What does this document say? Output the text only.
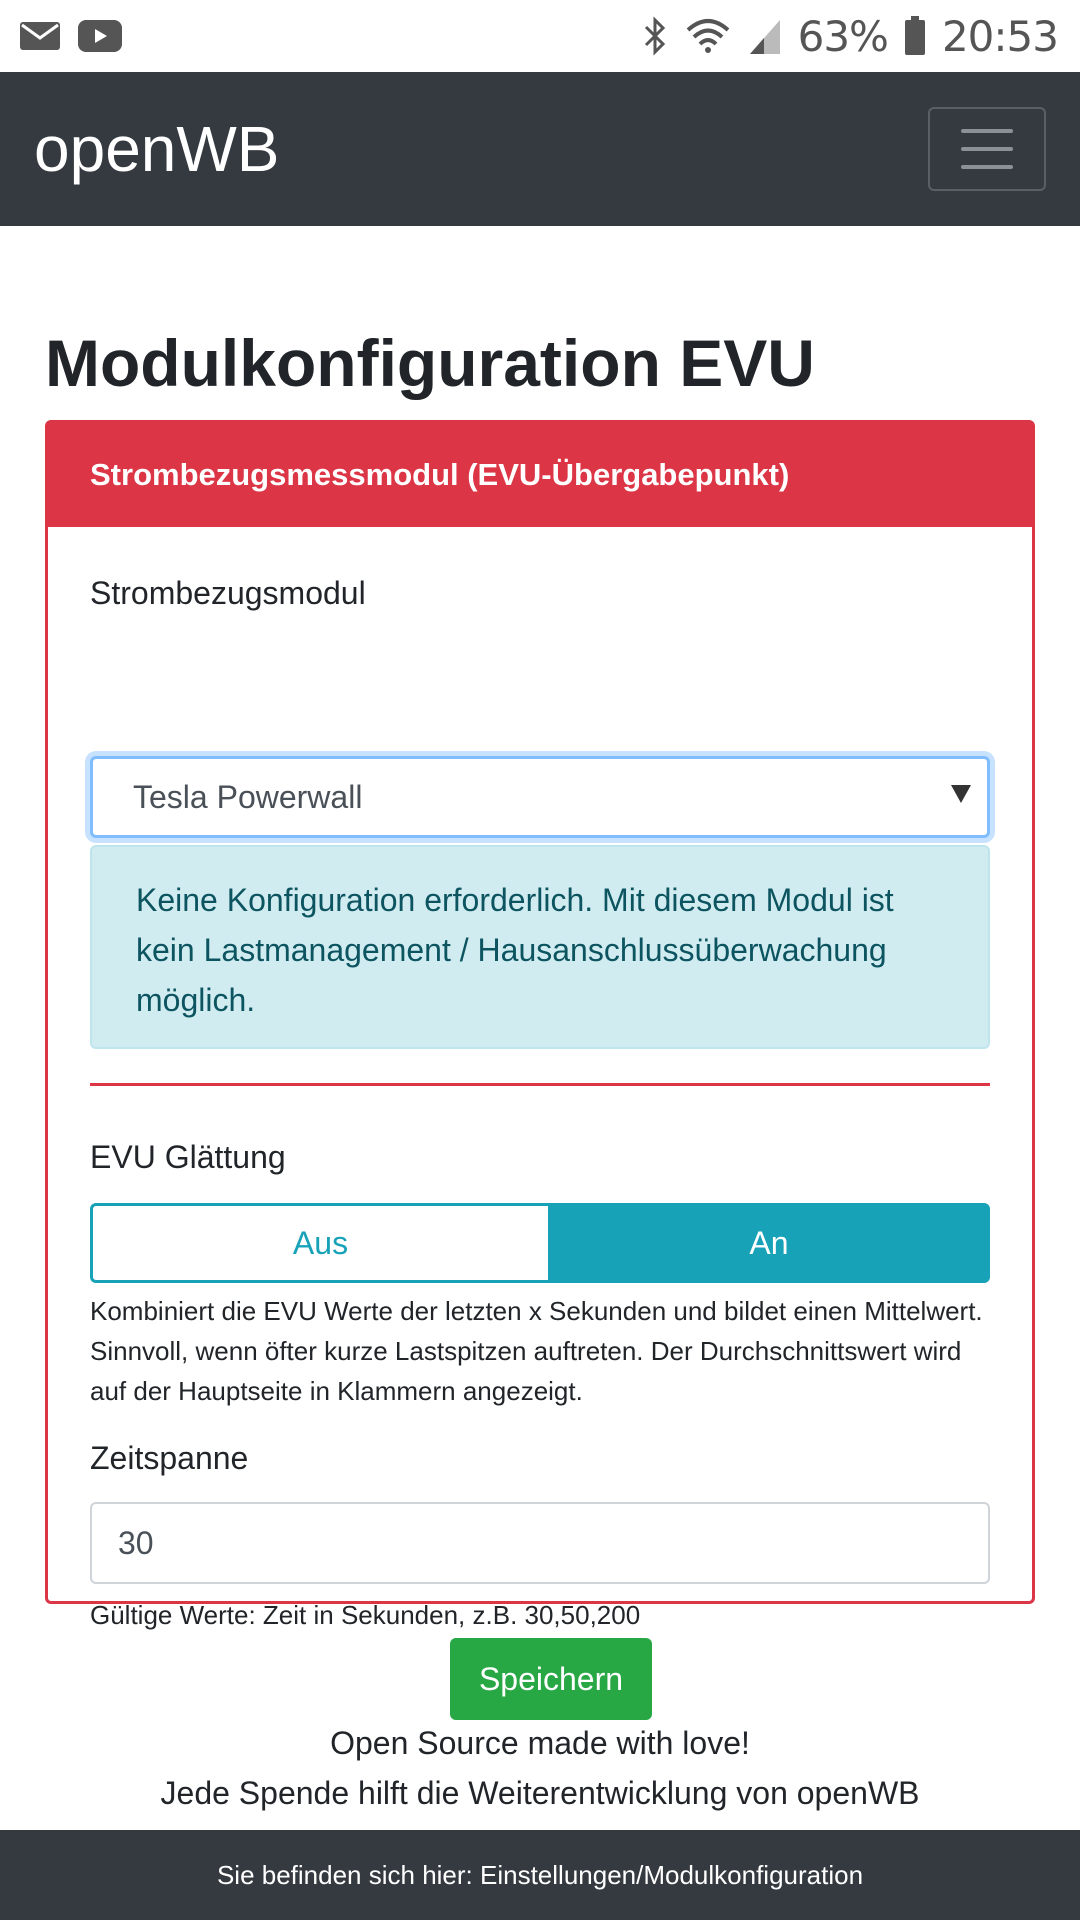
63% 20:53
openWB
Modulkonfiguration EVU
Strombezugsmessmodul (EVU-Übergabepunkt)
Strombezugsmodul
Tesla Powerwall
Keine Konfiguration erforderlich. Mit diesem Modul ist kein Lastmanagement / Hausanschlussüberwachung möglich.
EVU Glättung
Aus	An
Kombiniert die EVU Werte der letzten x Sekunden und bildet einen Mittelwert. Sinnvoll, wenn öfter kurze Lastspitzen auftreten. Der Durchschnittswert wird auf der Hauptseite in Klammern angezeigt.
Zeitspanne
30
Gültige Werte: Zeit in Sekunden, z.B. 30,50,200
Speichern
Open Source made with love!
Jede Spende hilft die Weiterentwicklung von openWB
Sie befinden sich hier: Einstellungen/Modulkonfiguration
